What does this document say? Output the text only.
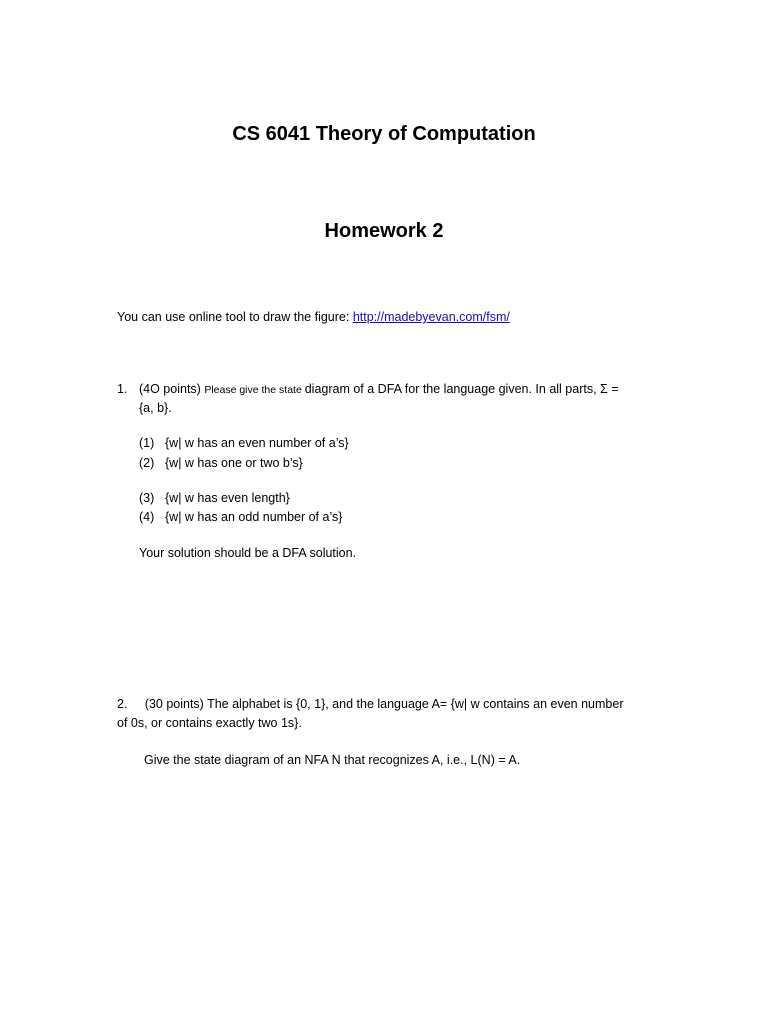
CS 6041 Theory of Computation
Homework 2
You can use online tool to draw the figure: http://madebyevan.com/fsm/
1. (4O points) Please give the state diagram of a DFA for the language given. In all parts, Σ =
{a, b}.
(1) {w| w has an even number of a’s}
(2) {w| w has one or two b’s}
(3) {w| w has even length}
(4) {w| w has an odd number of a’s}
Your solution should be a DFA solution.
2.     (30 points) The alphabet is {0, 1}, and the language A= {w| w contains an even number
of 0s, or contains exactly two 1s}.
Give the state diagram of an NFA N that recognizes A, i.e., L(N) = A.
